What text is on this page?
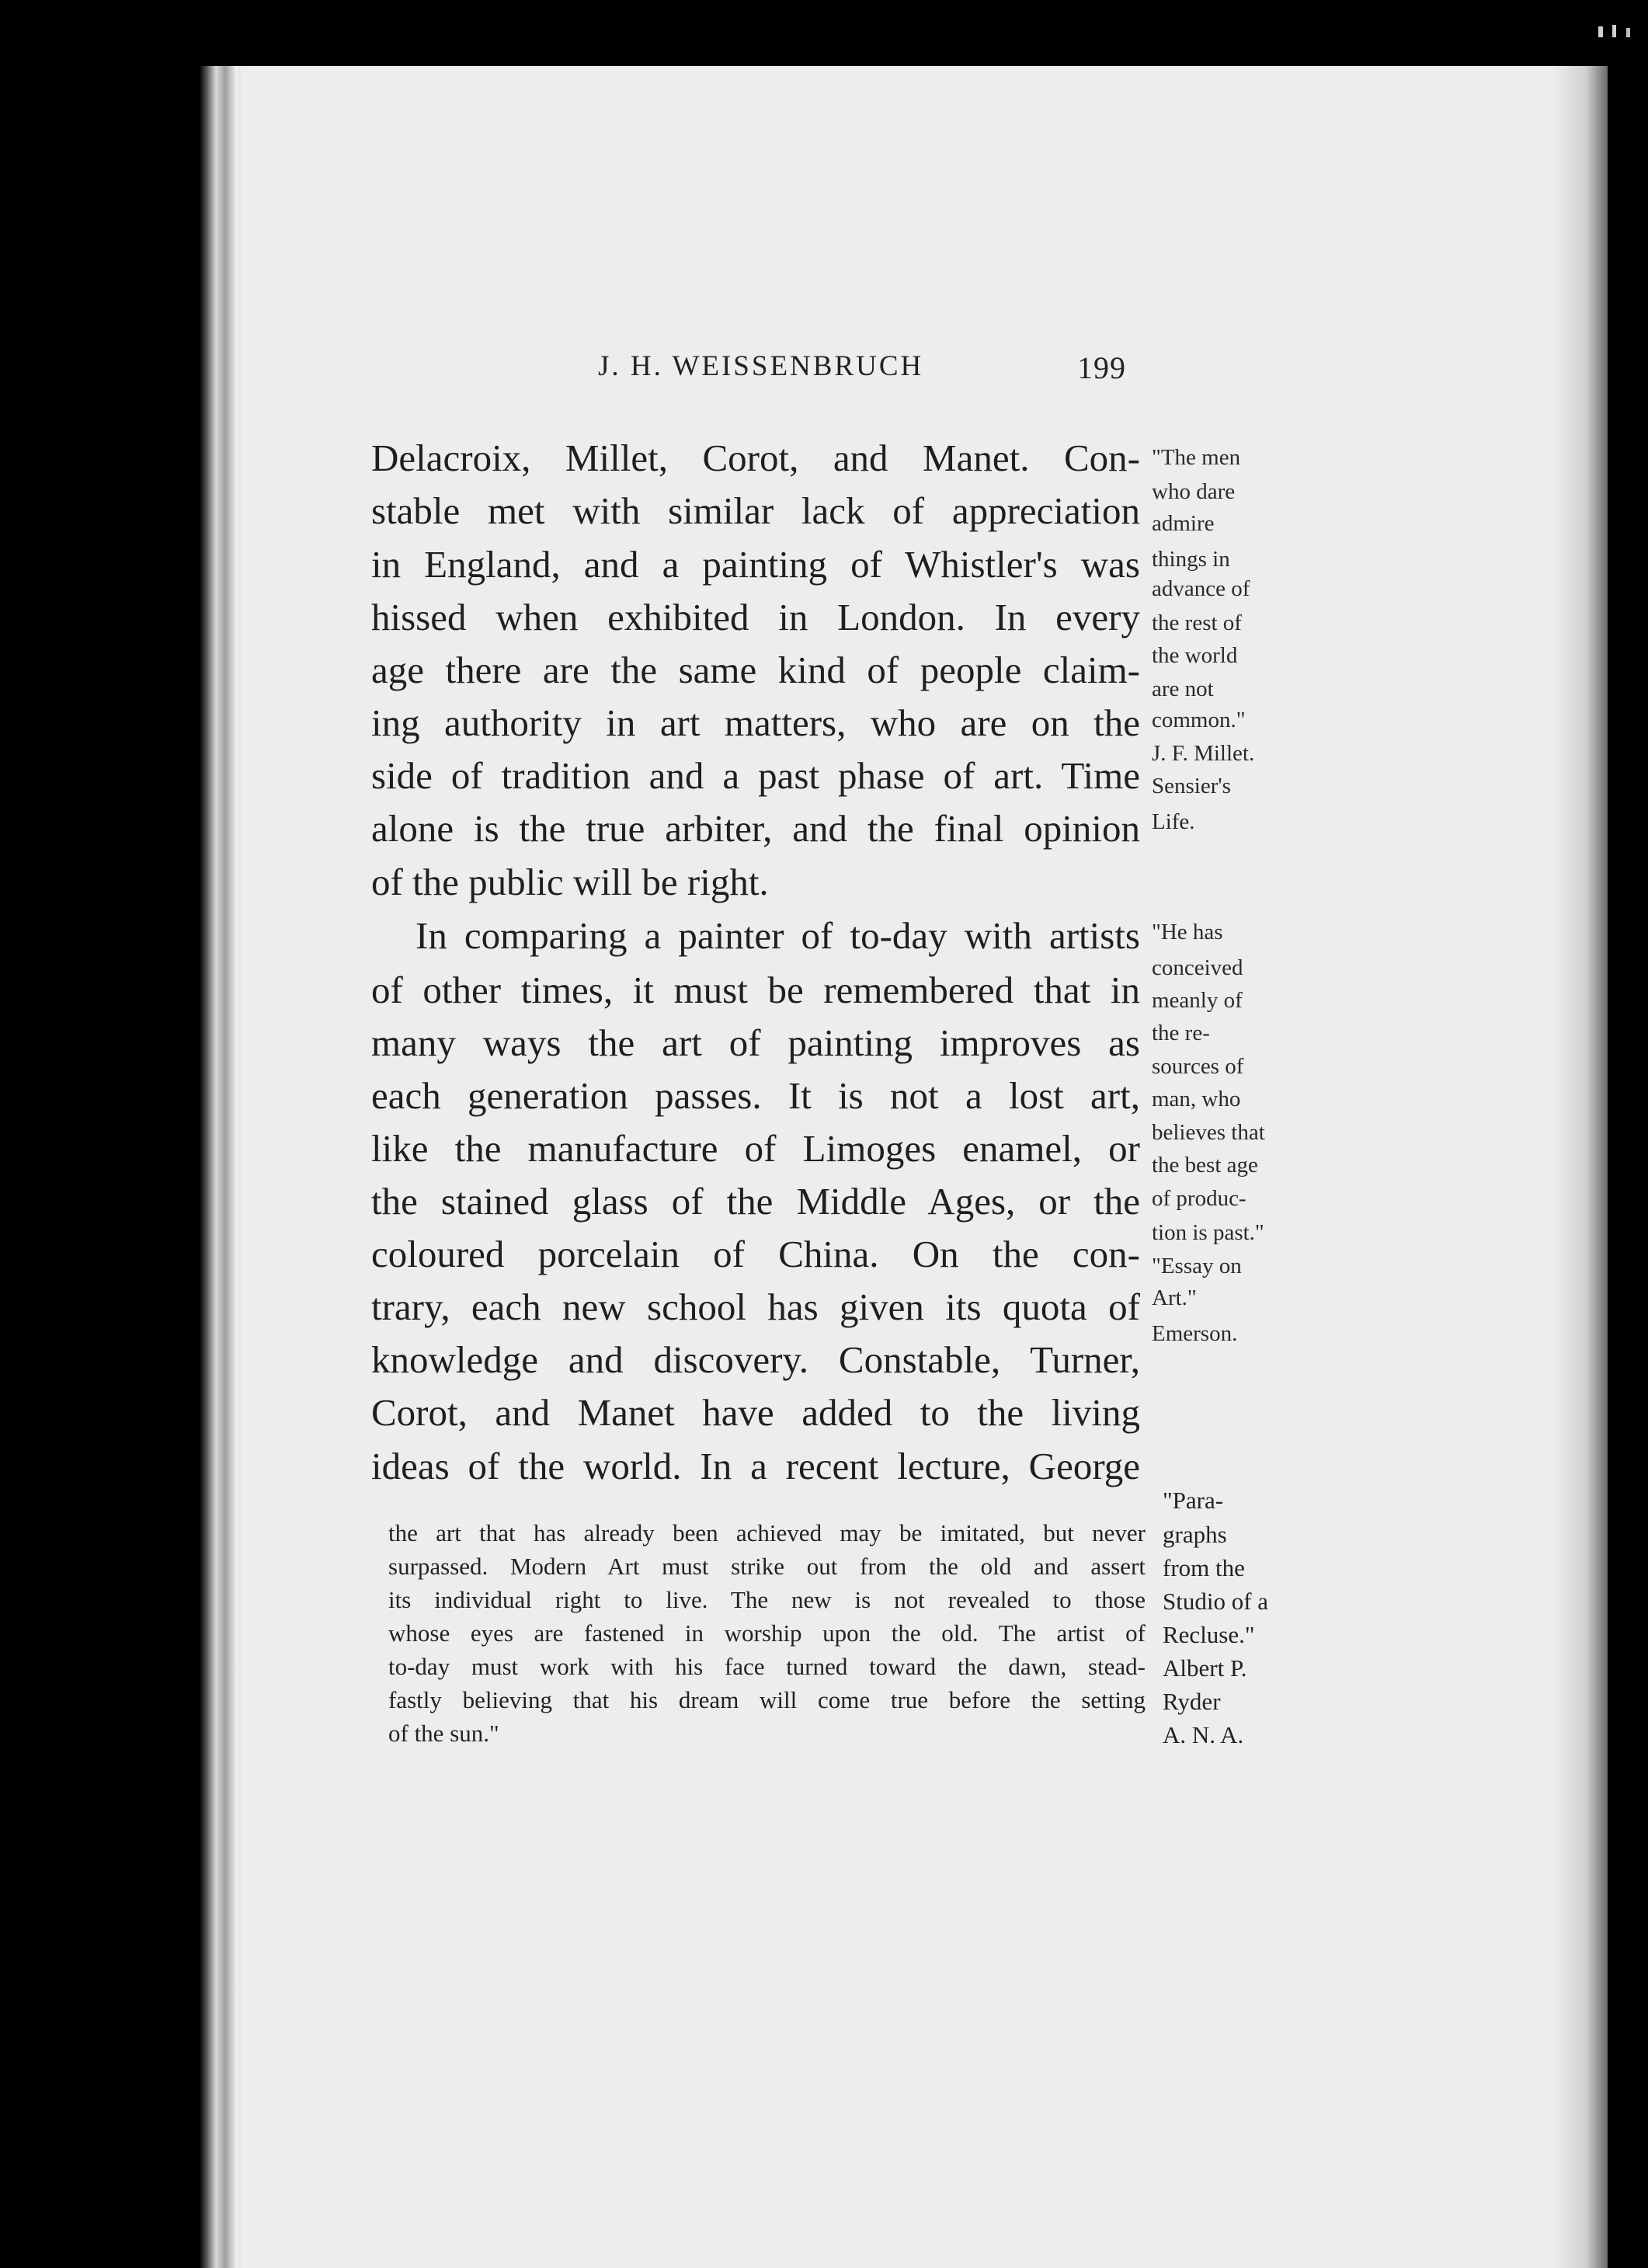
J. H. WEISSENBRUCH	199
Delacroix, Millet, Corot, and Manet. Con-
stable met with similar lack of appreciation
in England, and a painting of Whistler's was
hissed when exhibited in London. In every
age there are the same kind of people claim-
ing authority in art matters, who are on the
side of tradition and a past phase of art. Time
alone is the true arbiter, and the final opinion
of the public will be right.
In comparing a painter of to-day with artists
of other times, it must be remembered that in
many ways the art of painting improves as
each generation passes. It is not a lost art,
like the manufacture of Limoges enamel, or
the stained glass of the Middle Ages, or the
coloured porcelain of China. On the con-
trary, each new school has given its quota of
knowledge and discovery. Constable, Turner,
Corot, and Manet have added to the living
ideas of the world. In a recent lecture, George
"The men
who dare
admire
things in
advance of
the rest of
the world
are not
common."
J. F. Millet.
Sensier's
Life.
"He has
conceived
meanly of
the re-
sources of
man, who
believes that
the best age
of produc-
tion is past."
"Essay on
Art."
Emerson.
the art that has already been achieved may be imitated, but never
surpassed. Modern Art must strike out from the old and assert
its individual right to live. The new is not revealed to those
whose eyes are fastened in worship upon the old. The artist of
to-day must work with his face turned toward the dawn, stead-
fastly believing that his dream will come true before the setting
of the sun."
"Para-
graphs
from the
Studio of a
Recluse."
Albert P.
Ryder
A. N. A.
